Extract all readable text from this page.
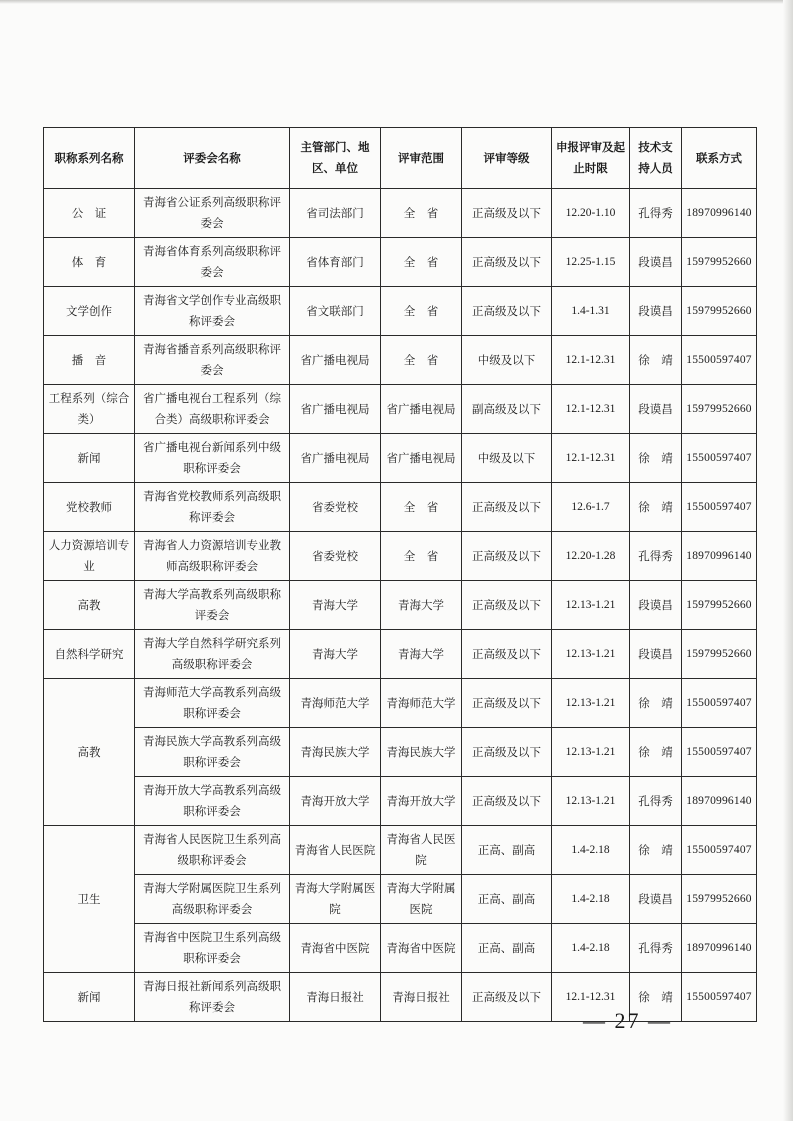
职称系列名称	评委会名称	主管部门、地区、单位	评审范围	评审等级	申报评审及起止时限	技术支持人员	联系方式
公　证	青海省公证系列高级职称评委会	省司法部门	全　省	正高级及以下	12.20-1.10	孔得秀	18970996140
体　育	青海省体育系列高级职称评委会	省体育部门	全　省	正高级及以下	12.25-1.15	段谟昌	15979952660
文学创作	青海省文学创作专业高级职称评委会	省文联部门	全　省	正高级及以下	1.4-1.31	段谟昌	15979952660
播　音	青海省播音系列高级职称评委会	省广播电视局	全　省	中级及以下	12.1-12.31	徐　靖	15500597407
工程系列（综合类）	省广播电视台工程系列（综合类）高级职称评委会	省广播电视局	省广播电视局	副高级及以下	12.1-12.31	段谟昌	15979952660
新闻	省广播电视台新闻系列中级职称评委会	省广播电视局	省广播电视局	中级及以下	12.1-12.31	徐　靖	15500597407
党校教师	青海省党校教师系列高级职称评委会	省委党校	全　省	正高级及以下	12.6-1.7	徐　靖	15500597407
人力资源培训专业	青海省人力资源培训专业教师高级职称评委会	省委党校	全　省	正高级及以下	12.20-1.28	孔得秀	18970996140
高教	青海大学高教系列高级职称评委会	青海大学	青海大学	正高级及以下	12.13-1.21	段谟昌	15979952660
自然科学研究	青海大学自然科学研究系列高级职称评委会	青海大学	青海大学	正高级及以下	12.13-1.21	段谟昌	15979952660
高教	青海师范大学高教系列高级职称评委会	青海师范大学	青海师范大学	正高级及以下	12.13-1.21	徐　靖	15500597407
	青海民族大学高教系列高级职称评委会	青海民族大学	青海民族大学	正高级及以下	12.13-1.21	徐　靖	15500597407
	青海开放大学高教系列高级职称评委会	青海开放大学	青海开放大学	正高级及以下	12.13-1.21	孔得秀	18970996140
卫生	青海省人民医院卫生系列高级职称评委会	青海省人民医院	青海省人民医院	正高、副高	1.4-2.18	徐　靖	15500597407
	青海大学附属医院卫生系列高级职称评委会	青海大学附属医院	青海大学附属医院	正高、副高	1.4-2.18	段谟昌	15979952660
	青海省中医院卫生系列高级职称评委会	青海省中医院	青海省中医院	正高、副高	1.4-2.18	孔得秀	18970996140
新闻	青海日报社新闻系列高级职称评委会	青海日报社	青海日报社	正高级及以下	12.1-12.31	徐　靖	15500597407
— 27 —
